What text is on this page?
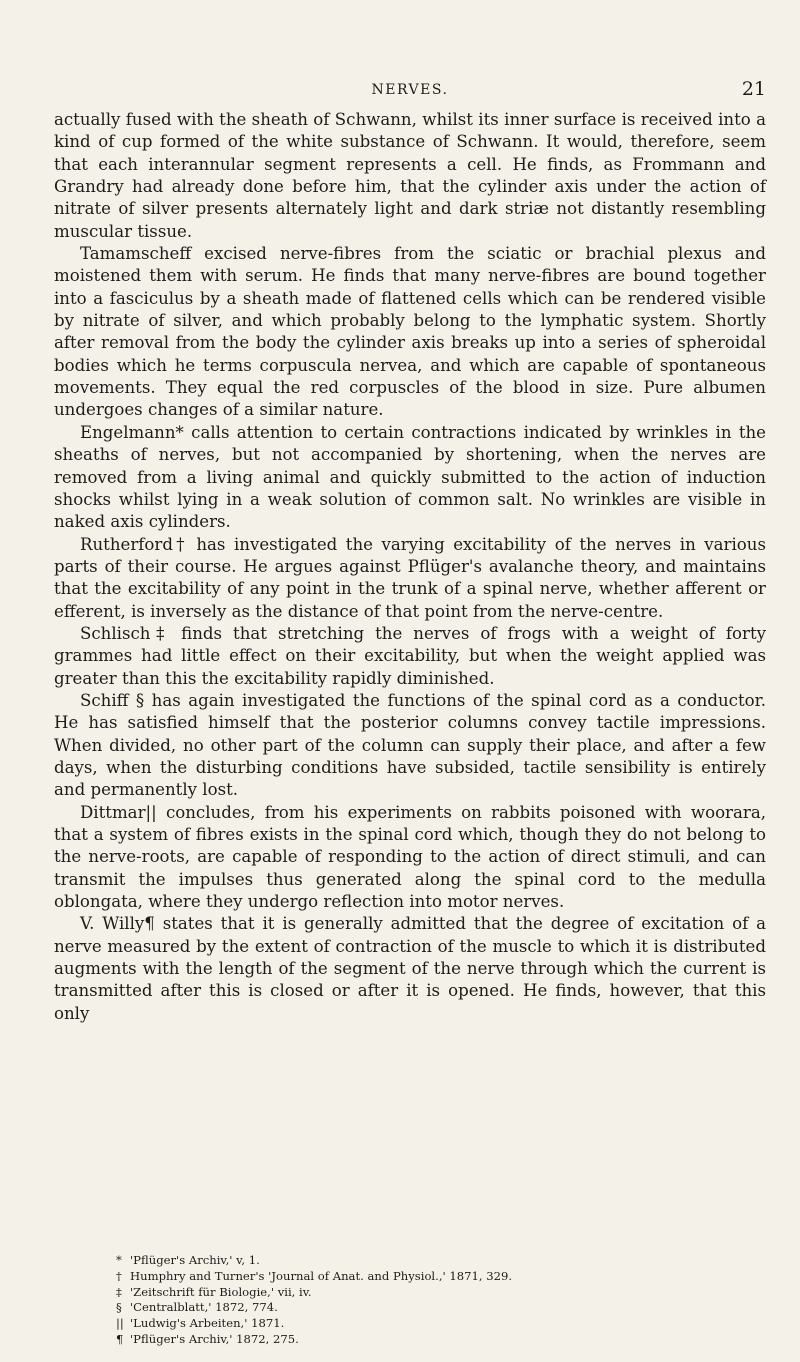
NERVES.	21

actually fused with the sheath of Schwann, whilst its inner surface is received into a kind of cup formed of the white substance of Schwann. It would, therefore, seem that each interannular segment represents a cell. He finds, as Frommann and Grandry had already done before him, that the cylinder axis under the action of nitrate of silver presents alternately light and dark striæ not distantly resembling muscular tissue.

Tamamscheff excised nerve-fibres from the sciatic or brachial plexus and moistened them with serum. He finds that many nerve-fibres are bound together into a fasciculus by a sheath made of flattened cells which can be rendered visible by nitrate of silver, and which probably belong to the lymphatic system. Shortly after removal from the body the cylinder axis breaks up into a series of spheroidal bodies which he terms corpuscula nervea, and which are capable of spontaneous movements. They equal the red corpuscles of the blood in size. Pure albumen undergoes changes of a similar nature.

Engelmann* calls attention to certain contractions indicated by wrinkles in the sheaths of nerves, but not accompanied by shortening, when the nerves are removed from a living animal and quickly submitted to the action of induction shocks whilst lying in a weak solution of common salt. No wrinkles are visible in naked axis cylinders.

Rutherford† has investigated the varying excitability of the nerves in various parts of their course. He argues against Pflüger's avalanche theory, and maintains that the excitability of any point in the trunk of a spinal nerve, whether afferent or efferent, is inversely as the distance of that point from the nerve-centre.

Schlisch‡ finds that stretching the nerves of frogs with a weight of forty grammes had little effect on their excitability, but when the weight applied was greater than this the excitability rapidly diminished.

Schiff § has again investigated the functions of the spinal cord as a conductor. He has satisfied himself that the posterior columns convey tactile impressions. When divided, no other part of the column can supply their place, and after a few days, when the disturbing conditions have subsided, tactile sensibility is entirely and permanently lost.

Dittmar|| concludes, from his experiments on rabbits poisoned with woorara, that a system of fibres exists in the spinal cord which, though they do not belong to the nerve-roots, are capable of responding to the action of direct stimuli, and can transmit the impulses thus generated along the spinal cord to the medulla oblongata, where they undergo reflection into motor nerves.

V. Willy¶ states that it is generally admitted that the degree of excitation of a nerve measured by the extent of contraction of the muscle to which it is distributed augments with the length of the segment of the nerve through which the current is transmitted after this is closed or after it is opened. He finds, however, that this only

* 'Pflüger's Archiv,' v, 1.
† Humphry and Turner's 'Journal of Anat. and Physiol.,' 1871, 329.
‡ 'Zeitschrift für Biologie,' vii, iv.
§ 'Centralblatt,' 1872, 774.
|| 'Ludwig's Arbeiten,' 1871.
¶ 'Pflüger's Archiv,' 1872, 275.
